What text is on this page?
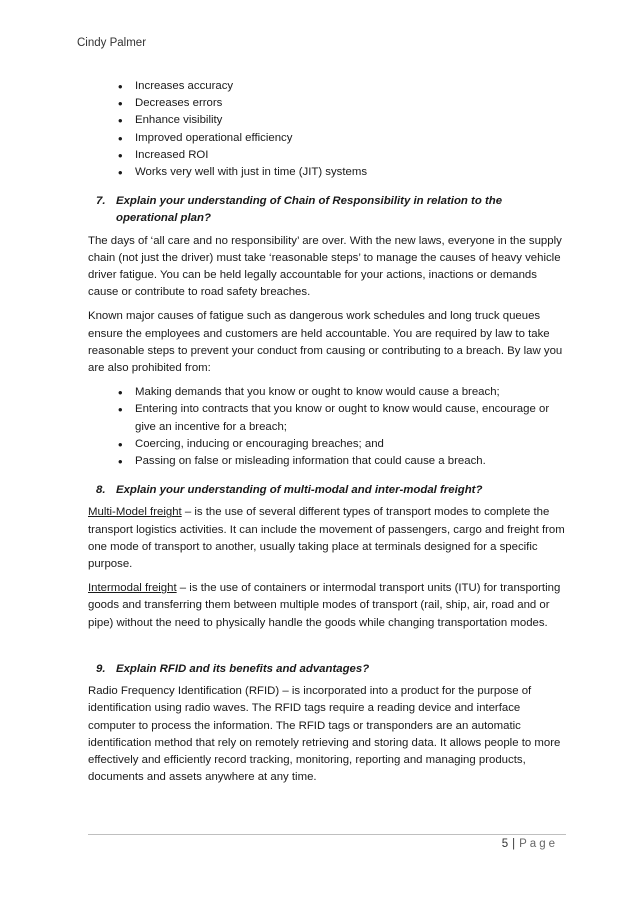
Cindy Palmer
• Increases accuracy
• Decreases errors
• Enhance visibility
• Improved operational efficiency
• Increased ROI
• Works very well with just in time (JIT) systems
7. Explain your understanding of Chain of Responsibility in relation to the operational plan?

The days of ‘all care and no responsibility’ are over. With the new laws, everyone in the supply chain (not just the driver) must take ‘reasonable steps’ to manage the causes of heavy vehicle driver fatigue. You can be held legally accountable for your actions, inactions or demands cause or contribute to road safety breaches.

Known major causes of fatigue such as dangerous work schedules and long truck queues ensure the employees and customers are held accountable. You are required by law to take reasonable steps to prevent your conduct from causing or contributing to a breach. By law you are also prohibited from:

• Making demands that you know or ought to know would cause a breach;
• Entering into contracts that you know or ought to know would cause, encourage or give an incentive for a breach;
• Coercing, inducing or encouraging breaches; and
• Passing on false or misleading information that could cause a breach.
8. Explain your understanding of multi-modal and inter-modal freight?

Multi-Model freight – is the use of several different types of transport modes to complete the transport logistics activities. It can include the movement of passengers, cargo and freight from one mode of transport to another, usually taking place at terminals designed for a specific purpose.

Intermodal freight – is the use of containers or intermodal transport units (ITU) for transporting goods and transferring them between multiple modes of transport (rail, ship, air, road and or pipe) without the need to physically handle the goods while changing transportation modes.

9. Explain RFID and its benefits and advantages?

Radio Frequency Identification (RFID) – is incorporated into a product for the purpose of identification using radio waves. The RFID tags require a reading device and interface computer to process the information. The RFID tags or transponders are an automatic identification method that rely on remotely retrieving and storing data. It allows people to more effectively and efficiently record tracking, monitoring, reporting and managing products, documents and assets anywhere at any time.

5 | Page
